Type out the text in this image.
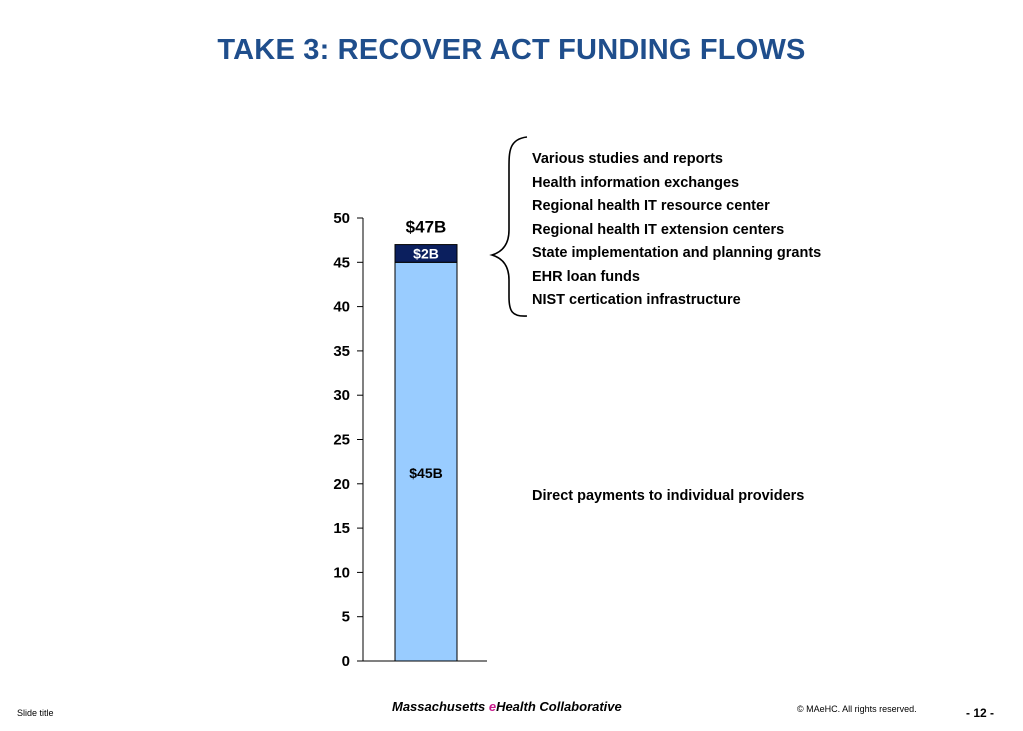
TAKE 3: RECOVER ACT FUNDING FLOWS
0
5
10
15
20
25
30
35
40
45
50
$45B
$2B
$47B
Various studies and reports
Health information exchanges
Regional health IT resource center
Regional health IT extension centers
State implementation and planning grants
EHR loan funds
NIST certication infrastructure
Direct payments to individual providers
Slide title	Massachusetts eHealth Collaborative	© MAeHC. All rights reserved.	- 12 -
